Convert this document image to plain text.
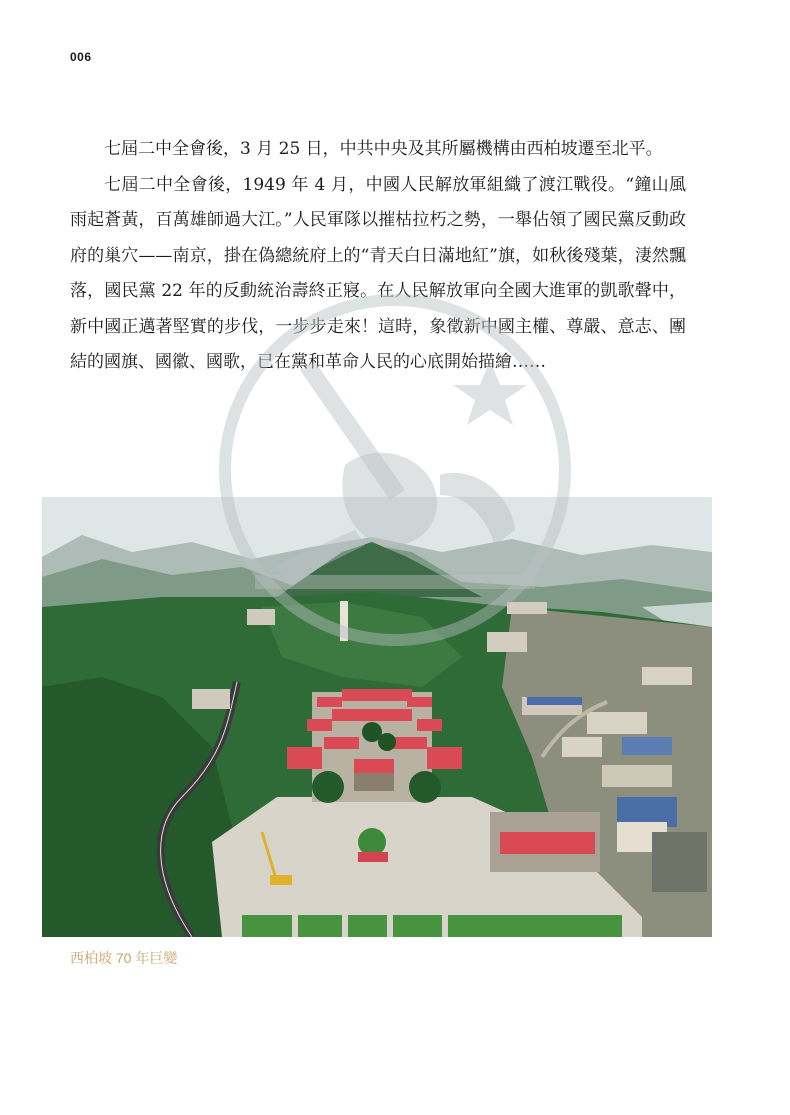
006

七屆二中全會後，3 月 25 日，中共中央及其所屬機構由西柏坡遷至北平。

七屆二中全會後，1949 年 4 月，中國人民解放軍組織了渡江戰役。“鐘山風雨起蒼黃，百萬雄師過大江。”人民軍隊以摧枯拉朽之勢，一舉佔領了國民黨反動政府的巢穴——南京，掛在偽總統府上的“青天白日滿地紅”旗，如秋後殘葉，淒然飄落，國民黨 22 年的反動統治壽終正寢。在人民解放軍向全國大進軍的凱歌聲中，新中國正邁著堅實的步伐，一步步走來！這時，象徵新中國主權、尊嚴、意志、團結的國旗、國徽、國歌，已在黨和革命人民的心底開始描繪……

西柏坡 70 年巨變
